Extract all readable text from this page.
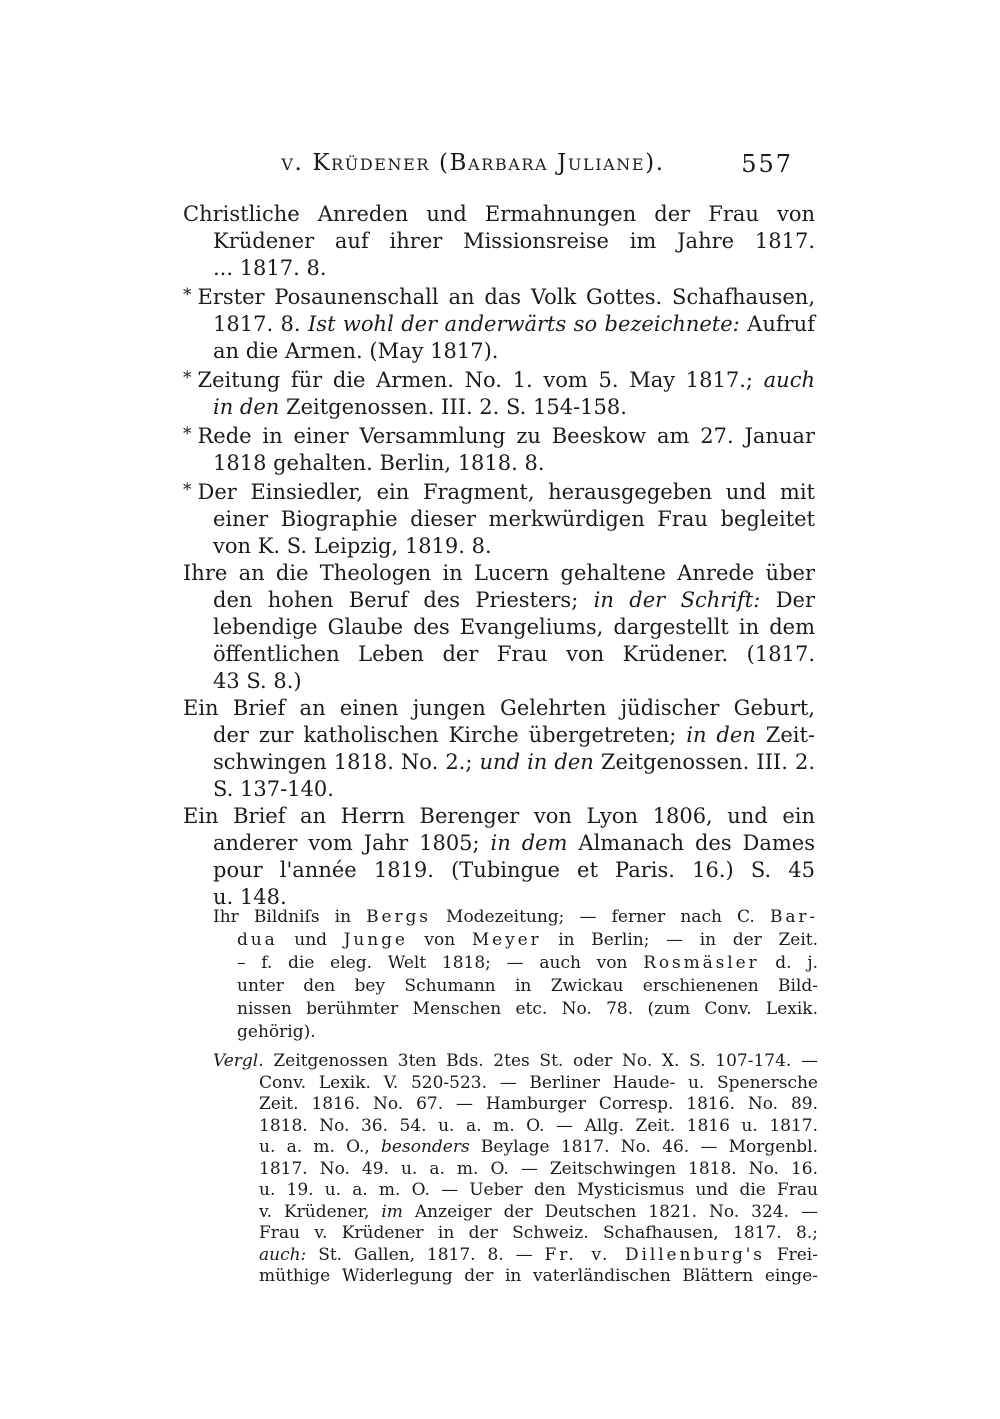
v. Krüdener (Barbara Juliane).	557
Christliche Anreden und Ermahnungen der Frau von
Krüdener auf ihrer Missionsreise im Jahre 1817.
... 1817. 8.
* Erster Posaunenschall an das Volk Gottes. Schafhausen,
1817. 8. Ist wohl der anderwärts so bezeichnete: Aufruf
an die Armen. (May 1817).
* Zeitung für die Armen. No. 1. vom 5. May 1817.; auch
in den Zeitgenossen. III. 2. S. 154-158.
* Rede in einer Versammlung zu Beeskow am 27. Januar
1818 gehalten. Berlin, 1818. 8.
* Der Einsiedler, ein Fragment, herausgegeben und mit
einer Biographie dieser merkwürdigen Frau begleitet
von K. S. Leipzig, 1819. 8.
Ihre an die Theologen in Lucern gehaltene Anrede über
den hohen Beruf des Priesters; in der Schrift: Der
lebendige Glaube des Evangeliums, dargestellt in dem
öffentlichen Leben der Frau von Krüdener. (1817.
43 S. 8.)
Ein Brief an einen jungen Gelehrten jüdischer Geburt,
der zur katholischen Kirche übergetreten; in den Zeit-
schwingen 1818. No. 2.; und in den Zeitgenossen. III. 2.
S. 137-140.
Ein Brief an Herrn Berenger von Lyon 1806, und ein
anderer vom Jahr 1805; in dem Almanach des Dames
pour l'année 1819. (Tubingue et Paris. 16.) S. 45
u. 148.
Ihr Bildniſs in Bergs Modezeitung; — ferner nach C. Bar-
dua und Junge von Meyer in Berlin; — in der Zeit.
– f. die eleg. Welt 1818; — auch von Rosmäsler d. j.
unter den bey Schumann in Zwickau erschienenen Bild-
nissen berühmter Menschen etc. No. 78. (zum Conv. Lexik.
gehörig).
Vergl. Zeitgenossen 3ten Bds. 2tes St. oder No. X. S. 107-174. —
Conv. Lexik. V. 520-523. — Berliner Haude- u. Spenersche
Zeit. 1816. No. 67. — Hamburger Corresp. 1816. No. 89.
1818. No. 36. 54. u. a. m. O. — Allg. Zeit. 1816 u. 1817.
u. a. m. O., besonders Beylage 1817. No. 46. — Morgenbl.
1817. No. 49. u. a. m. O. — Zeitschwingen 1818. No. 16.
u. 19. u. a. m. O. — Ueber den Mysticismus und die Frau
v. Krüdener, im Anzeiger der Deutschen 1821. No. 324. —
Frau v. Krüdener in der Schweiz. Schafhausen, 1817. 8.;
auch: St. Gallen, 1817. 8. — Fr. v. Dillenburg's Frei-
müthige Widerlegung der in vaterländischen Blättern einge-
